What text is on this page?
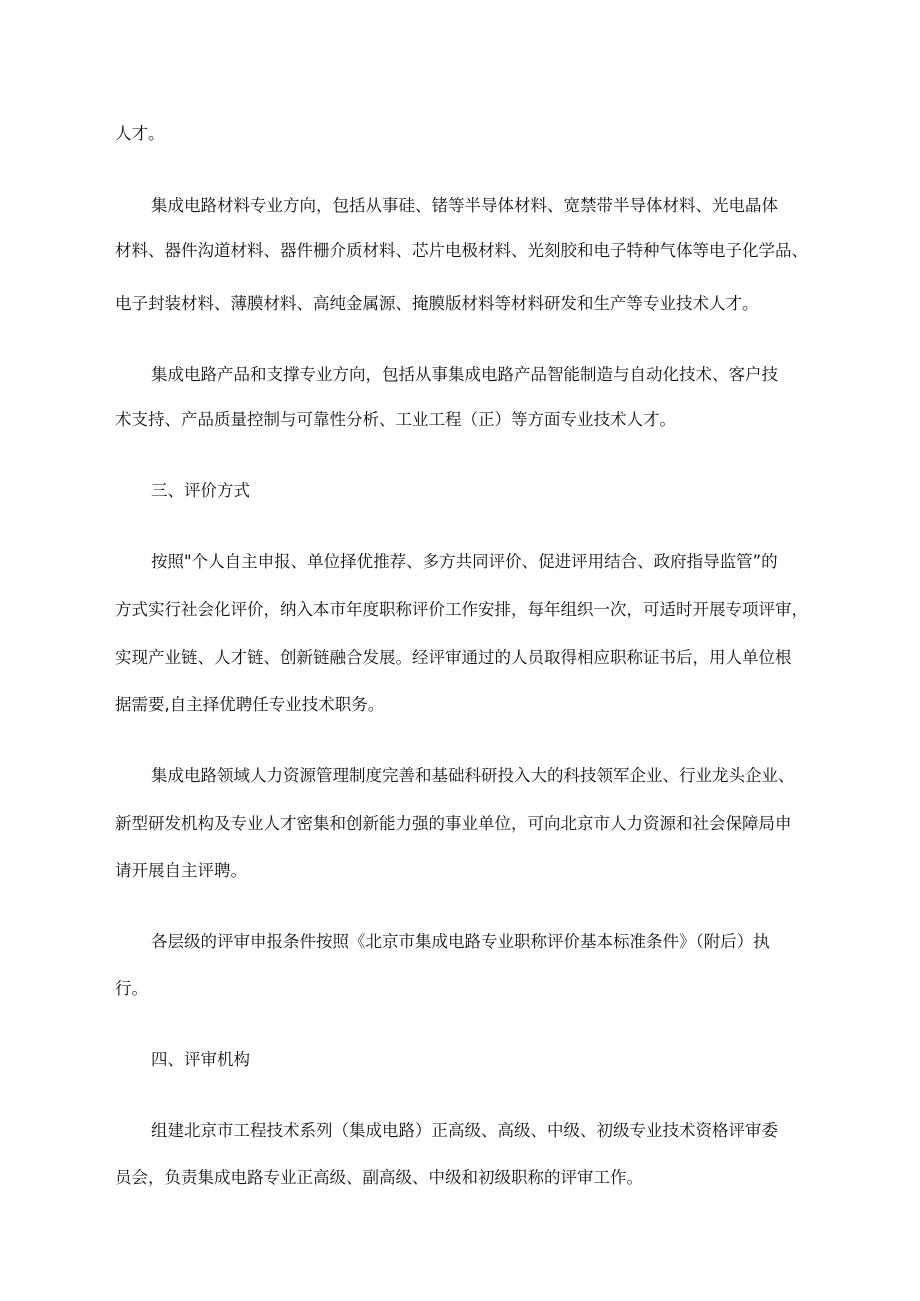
人才。
集成电路材料专业方向，包括从事硅、锗等半导体材料、宽禁带半导体材料、光电晶体
材料、器件沟道材料、器件栅介质材料、芯片电极材料、光刻胶和电子特种气体等电子化学品、
电子封装材料、薄膜材料、高纯金属源、掩膜版材料等材料研发和生产等专业技术人才。
集成电路产品和支撑专业方向，包括从事集成电路产品智能制造与自动化技术、客户技
术支持、产品质量控制与可靠性分析、工业工程（正）等方面专业技术人才。
三、评价方式
按照"个人自主申报、单位择优推荐、多方共同评价、促进评用结合、政府指导监管”的
方式实行社会化评价，纳入本市年度职称评价工作安排，每年组织一次，可适时开展专项评审，
实现产业链、人才链、创新链融合发展。经评审通过的人员取得相应职称证书后，用人单位根
据需要,自主择优聘任专业技术职务。
集成电路领域人力资源管理制度完善和基础科研投入大的科技领军企业、行业龙头企业、
新型研发机构及专业人才密集和创新能力强的事业单位，可向北京市人力资源和社会保障局申
请开展自主评聘。
各层级的评审申报条件按照《北京市集成电路专业职称评价基本标准条件》（附后）执
行。
四、评审机构
组建北京市工程技术系列（集成电路）正高级、高级、中级、初级专业技术资格评审委
员会，负责集成电路专业正高级、副高级、中级和初级职称的评审工作。
